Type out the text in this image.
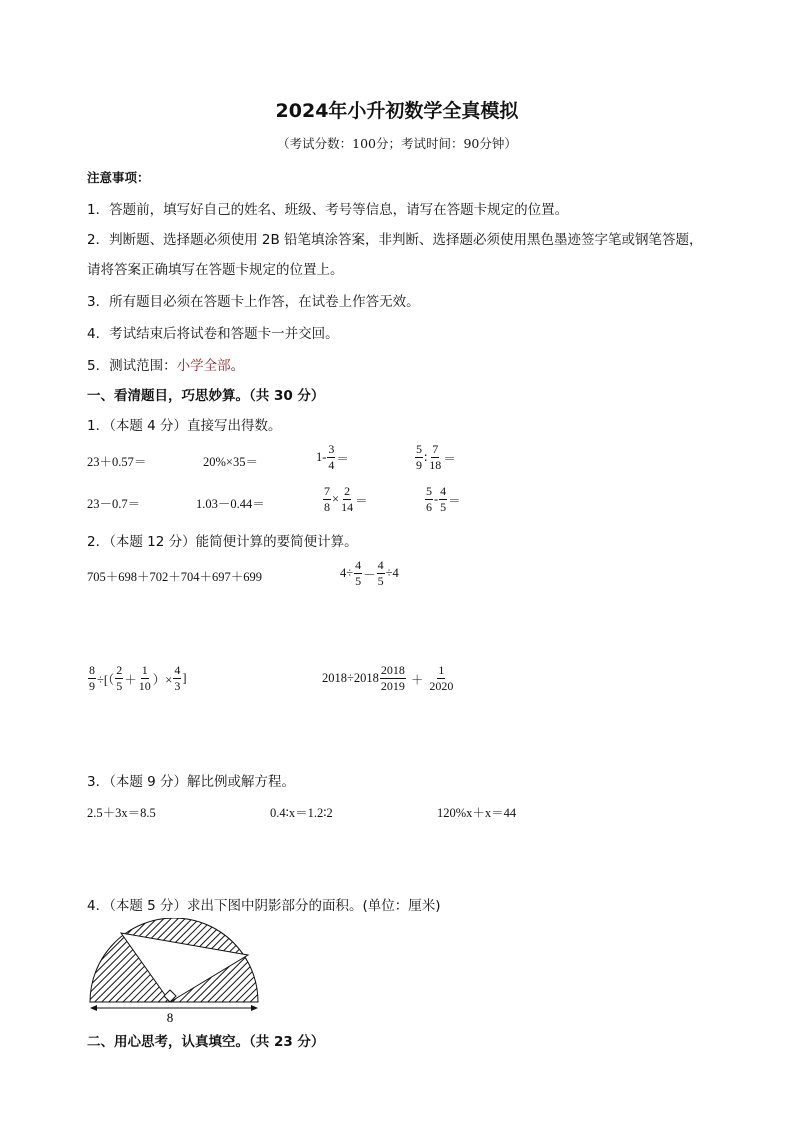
2024年小升初数学全真模拟
（考试分数：100分；考试时间：90分钟）
注意事项：
1．答题前，填写好自己的姓名、班级、考号等信息，请写在答题卡规定的位置。
2．判断题、选择题必须使用 2B 铅笔填涂答案，非判断、选择题必须使用黑色墨迹签字笔或钢笔答题，
请将答案正确填写在答题卡规定的位置上。
3．所有题目必须在答题卡上作答，在试卷上作答无效。
4．考试结束后将试卷和答题卡一并交回。
5．测试范围：小学全部。
一、看清题目，巧思妙算。（共 30 分）
1．（本题 4 分）直接写出得数。
23＋0.57＝	20%×35＝	$1- \frac{3}{4}$ ＝	$\frac{5}{9}$ ∶ $\frac{7}{18}$ ＝
23－0.7＝	1.03－0.44＝	$\frac{7}{8} \times \frac{2}{14}$ ＝	$\frac{5}{6} - \frac{4}{5}$ ＝
2．（本题 12 分）能简便计算的要简便计算。
705＋698＋702＋704＋697＋699	$4\div \frac{4}{5} - \frac{4}{5} \div 4$
$\frac{8}{9}$ ÷[（ $\frac{2}{5} + \frac{1}{10}$ ）× $\frac{4}{3}$ ]	$2018\div 2018 \frac{2018}{2019} + \frac{1}{2020}$
3．（本题 9 分）解比例或解方程。
2.5＋3x＝8.5	0.4∶x＝1.2∶2	120%x＋x＝44
4．（本题 5 分）求出下图中阴影部分的面积。(单位：厘米)
8
二、用心思考，认真填空。（共 23 分）
